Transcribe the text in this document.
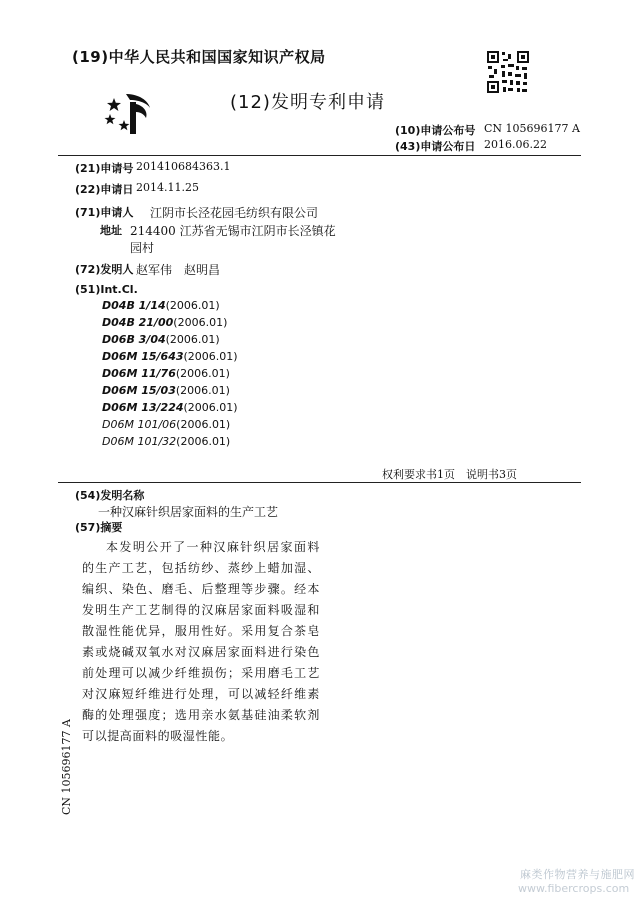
(19)中华人民共和国国家知识产权局
(12)发明专利申请
(10)申请公布号 CN 105696177 A
(43)申请公布日 2016.06.22
(21)申请号 201410684363.1
(22)申请日 2014.11.25
(71)申请人 江阴市长泾花园毛纺织有限公司
地址 214400 江苏省无锡市江阴市长泾镇花
园村
(72)发明人 赵军伟　赵明昌
(51)Int.Cl.
D04B 1/14(2006.01)
D04B 21/00(2006.01)
D06B 3/04(2006.01)
D06M 15/643(2006.01)
D06M 11/76(2006.01)
D06M 15/03(2006.01)
D06M 13/224(2006.01)
D06M 101/06(2006.01)
D06M 101/32(2006.01)
权利要求书1页　说明书3页
(54)发明名称
一种汉麻针织居家面料的生产工艺
(57)摘要
本发明公开了一种汉麻针织居家面料的生产工艺，包括纺纱、蒸纱上蜡加湿、编织、染色、磨毛、后整理等步骤。经本发明生产工艺制得的汉麻居家面料吸湿和散湿性能优异，服用性好。采用复合茶皂素或烧碱双氧水对汉麻居家面料进行染色前处理可以减少纤维损伤；采用磨毛工艺对汉麻短纤维进行处理，可以减轻纤维素酶的处理强度；选用亲水氨基硅油柔软剂可以提高面料的吸湿性能。
CN 105696177 A
麻类作物营养与施肥网
www.fibercrops.com
